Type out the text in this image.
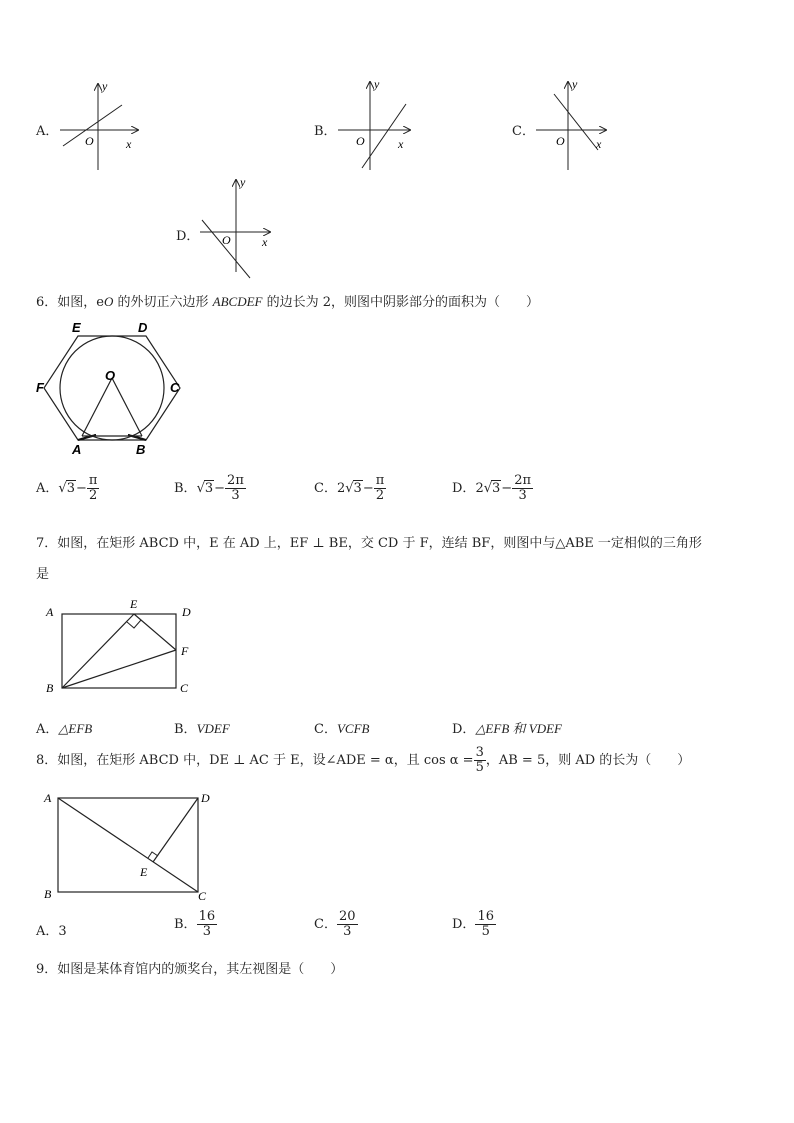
A．
y
O	x
B．
y
O	x
C．
y
O	x
D．
y
O	x
6．如图，eO 的外切正六边形 ABCDEF 的边长为 2，则图中阴影部分的面积为（　　）
E	D
F	C
O
A	B
A．$√3- \frac{\pi}{2}$	B．$√3- \frac{2\pi}{3}$	C．$2√3- \frac{\pi}{2}$	D．$2√3- \frac{2\pi}{3}$
7．如图，在矩形 ABCD 中，E 在 AD 上，EF ⊥ BE，交 CD 于 F，连结 BF，则图中与△ABE 一定相似的三角形
是
A
E
D
F
B	C
A．△EFB	B．VDEF	C．VCFB	D．△EFB 和 VDEF
8．如图，在矩形 ABCD 中，DE ⊥ AC 于 E，设∠ADE = α，且 $\cos \alpha = \frac{3}{5}$ ，AB = 5，则 AD 的长为（　　）
A	D
E
B	C
A．3	B． $\frac{16}{3}$	C． $\frac{20}{3}$	D． $\frac{16}{5}$
9．如图是某体育馆内的颁奖台，其左视图是（　　）
